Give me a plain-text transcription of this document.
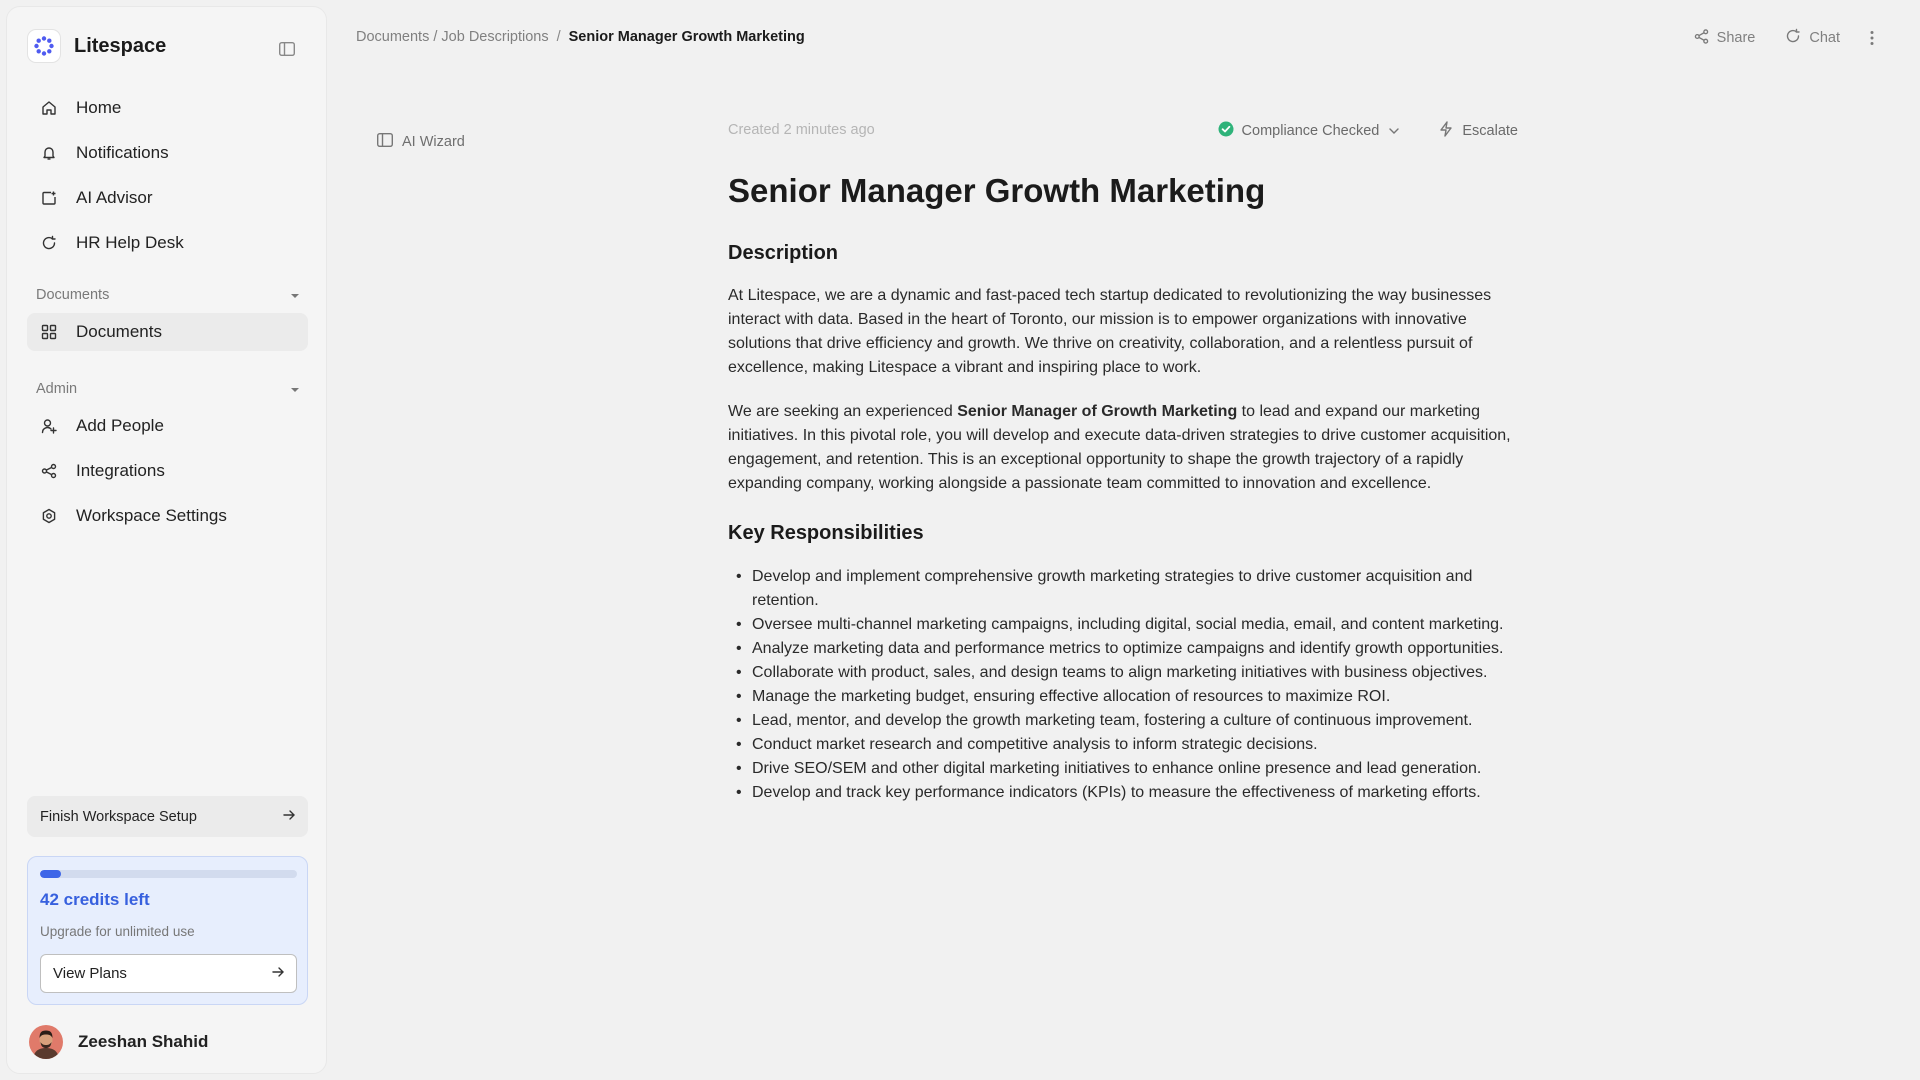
Litespace
Home
Notifications
AI Advisor
HR Help Desk
Documents
Documents
Admin
Add People
Integrations
Workspace Settings
Finish Workspace Setup
42 credits left
Upgrade for unlimited use
View Plans
Zeeshan Shahid
Documents / Job Descriptions / Senior Manager Growth Marketing	Share	Chat
AI Wizard
Created 2 minutes ago	Compliance Checked	Escalate
Senior Manager Growth Marketing
Description

At Litespace, we are a dynamic and fast-paced tech startup dedicated to revolutionizing the way businesses interact with data. Based in the heart of Toronto, our mission is to empower organizations with innovative solutions that drive efficiency and growth. We thrive on creativity, collaboration, and a relentless pursuit of excellence, making Litespace a vibrant and inspiring place to work.

We are seeking an experienced Senior Manager of Growth Marketing to lead and expand our marketing initiatives. In this pivotal role, you will develop and execute data-driven strategies to drive customer acquisition, engagement, and retention. This is an exceptional opportunity to shape the growth trajectory of a rapidly expanding company, working alongside a passionate team committed to innovation and excellence.

Key Responsibilities
• Develop and implement comprehensive growth marketing strategies to drive customer acquisition and retention.
• Oversee multi-channel marketing campaigns, including digital, social media, email, and content marketing.
• Analyze marketing data and performance metrics to optimize campaigns and identify growth opportunities.
• Collaborate with product, sales, and design teams to align marketing initiatives with business objectives.
• Manage the marketing budget, ensuring effective allocation of resources to maximize ROI.
• Lead, mentor, and develop the growth marketing team, fostering a culture of continuous improvement.
• Conduct market research and competitive analysis to inform strategic decisions.
• Drive SEO/SEM and other digital marketing initiatives to enhance online presence and lead generation.
• Develop and track key performance indicators (KPIs) to measure the effectiveness of marketing efforts.
